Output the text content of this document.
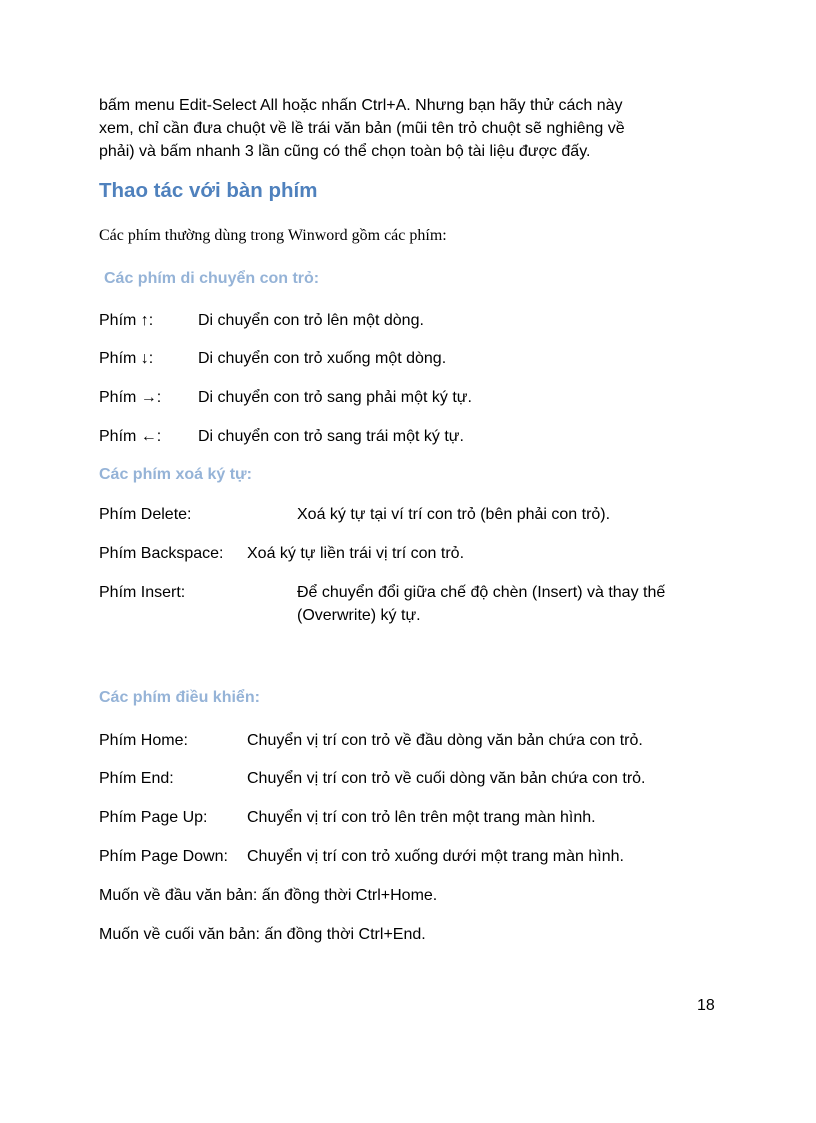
bấm menu Edit-Select All hoặc nhấn Ctrl+A. Nhưng bạn hãy thử cách này
xem, chỉ cần đưa chuột về lề trái văn bản (mũi tên trỏ chuột sẽ nghiêng về
phải) và bấm nhanh 3 lần cũng có thể chọn toàn bộ tài liệu được đấy.
Thao tác với bàn phím

Các phím thường dùng trong Winword gồm các phím:

Các phím di chuyển con trỏ:

Phím ↑:	Di chuyển con trỏ lên một dòng.
Phím ↓:	Di chuyển con trỏ xuống một dòng.
Phím →: Di chuyển con trỏ sang phải một ký tự.
Phím ←: Di chuyển con trỏ sang trái một ký tự.

Các phím xoá ký tự:

Phím Delete:	Xoá ký tự tại ví trí con trỏ (bên phải con trỏ).
Phím Backspace: Xoá ký tự liền trái vị trí con trỏ.
Phím Insert:	Để chuyển đổi giữa chế độ chèn (Insert) và thay thế (Overwrite) ký tự.

Các phím điều khiển:

Phím Home:	Chuyển vị trí con trỏ về đầu dòng văn bản chứa con trỏ.
Phím End:	Chuyển vị trí con trỏ về cuối dòng văn bản chứa con trỏ.
Phím Page Up: Chuyển vị trí con trỏ lên trên một trang màn hình.
Phím Page Down: Chuyển vị trí con trỏ xuống dưới một trang màn hình.
Muốn về đầu văn bản: ấn đồng thời Ctrl+Home.
Muốn về cuối văn bản: ấn đồng thời Ctrl+End.
18
